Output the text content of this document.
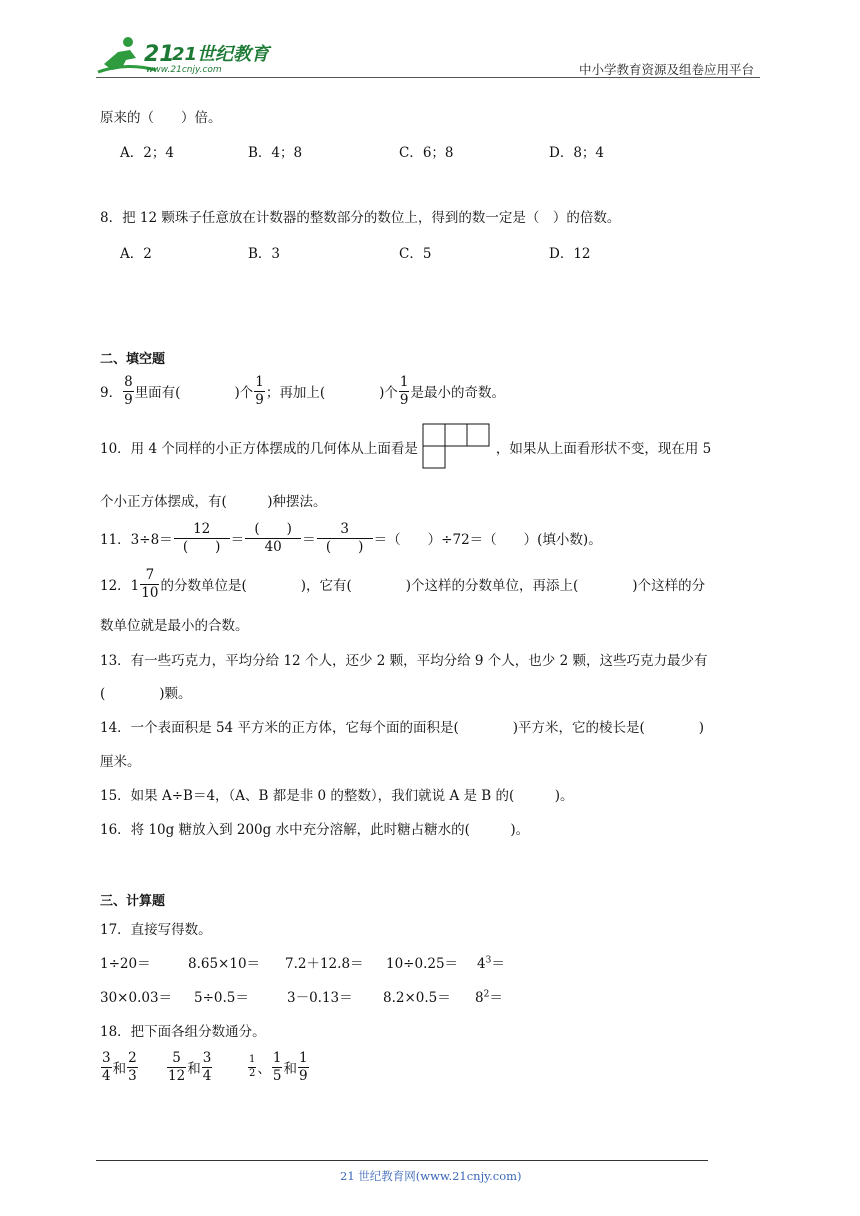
21
21世纪教育
www.21cnjy.com	中小学教育资源及组卷应用平台
原来的（　　）倍。
A．2；4	B．4；8	C．6；8	D．8；4
8．把 12 颗珠子任意放在计数器的整数部分的数位上，得到的数一定是（　）的倍数。
A．2	B．3	C．5	D．12
二、填空题
9． $\frac{8}{9}$ 里面有(　　　　)个 $\frac{1}{9}$ ；再加上(　　　　)个 $\frac{1}{9}$ 是最小的奇数。
10．用 4 个同样的小正方体摆成的几何体从上面看是	，如果从上面看形状不变，现在用 5
个小正方体摆成，有(　　　)种摆法。
11．$3\div 8= \frac{12}{( )} = \frac{( )}{40} = \frac{3}{( )}$ ＝（　　）÷72＝（　　）(填小数)。
12．$1 \frac{7}{10}$ 的分数单位是(　　　　)，它有(　　　　)个这样的分数单位，再添上(　　　　)个这样的分
数单位就是最小的合数。
13．有一些巧克力，平均分给 12 个人，还少 2 颗，平均分给 9 个人，也少 2 颗，这些巧克力最少有
(　　　　)颗。
14．一个表面积是 54 平方米的正方体，它每个面的面积是(　　　　)平方米，它的棱长是(　　　　)
厘米。
15．如果 A÷B＝4，（A、B 都是非 0 的整数），我们就说 A 是 B 的(　　　)。
16．将 10g 糖放入到 200g 水中充分溶解，此时糖占糖水的(　　　)。
三、计算题
17．直接写得数。
1÷20＝	$8.65\times 10= 7.2+12.8= 10\div 0.25= 4^3=$
30×0.03＝ 5÷0.5＝	$3-0.13= 8.2\times 0.5= 8^2=$
18．把下面各组分数通分。
$\frac{3}{4}$ 和 $\frac{2}{3} \frac{5}{12}$ 和 $\frac{3}{4}$	$\frac{1}{2}$ 、 $\frac{1}{5}$ 和 $\frac{1}{9}$
21 世纪教育网(www.21cnjy.com)
